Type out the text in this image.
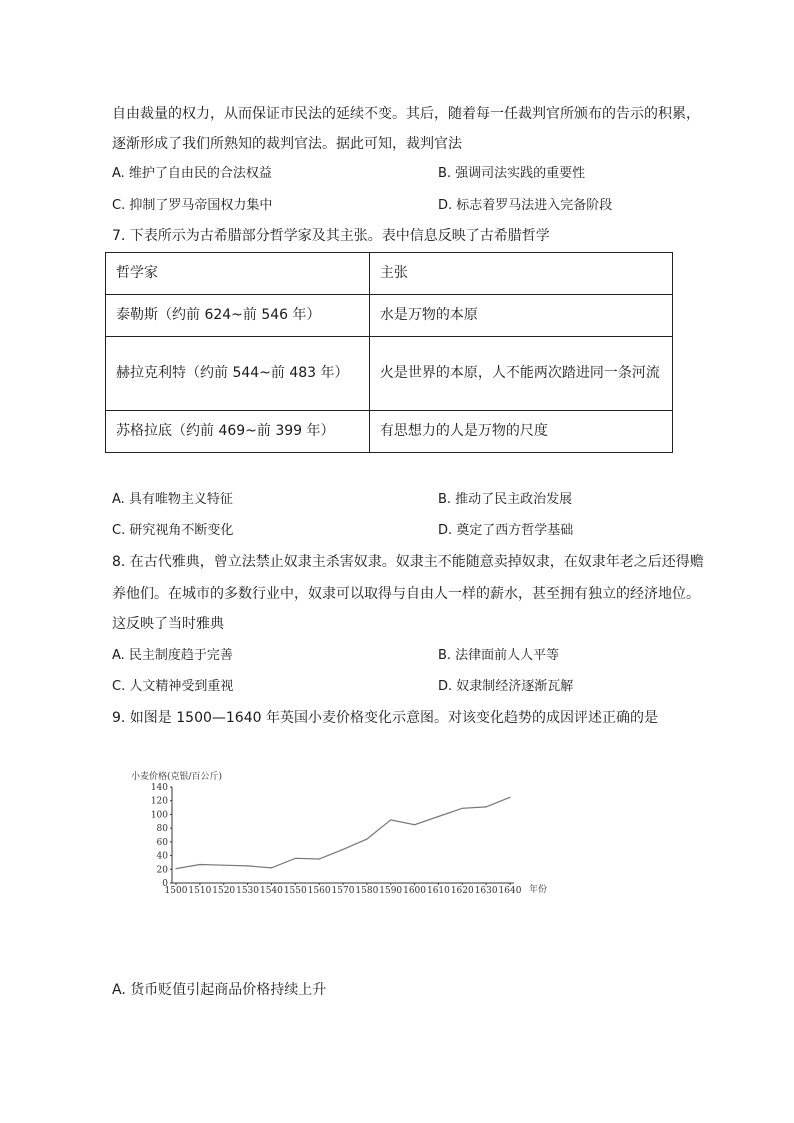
自由裁量的权力，从而保证市民法的延续不变。其后，随着每一任裁判官所颁布的告示的积累，
逐渐形成了我们所熟知的裁判官法。据此可知，裁判官法
A. 维护了自由民的合法权益	B. 强调司法实践的重要性
C. 抑制了罗马帝国权力集中	D. 标志着罗马法进入完备阶段
7. 下表所示为古希腊部分哲学家及其主张。表中信息反映了古希腊哲学
哲学家	主张
泰勒斯（约前 624~前 546 年）	水是万物的本原
赫拉克利特（约前 544~前 483 年）	火是世界的本原，人不能两次踏进同一条河流
苏格拉底（约前 469~前 399 年）	有思想力的人是万物的尺度
A. 具有唯物主义特征	B. 推动了民主政治发展
C. 研究视角不断变化	D. 奠定了西方哲学基础
8. 在古代雅典，曾立法禁止奴隶主杀害奴隶。奴隶主不能随意卖掉奴隶，在奴隶年老之后还得赡
养他们。在城市的多数行业中，奴隶可以取得与自由人一样的薪水，甚至拥有独立的经济地位。
这反映了当时雅典
A. 民主制度趋于完善	B. 法律面前人人平等
C. 人文精神受到重视	D. 奴隶制经济逐渐瓦解
9. 如图是 1500—1640 年英国小麦价格变化示意图。对该变化趋势的成因评述正确的是
小麦价格(克银/百公斤)
年份
0
20
40
60
80
100
120
140
1500 1510 1520 1530 1540 1550 1560 1570 1580 1590 1600 1610 1620 1630 1640
A. 货币贬值引起商品价格持续上升
